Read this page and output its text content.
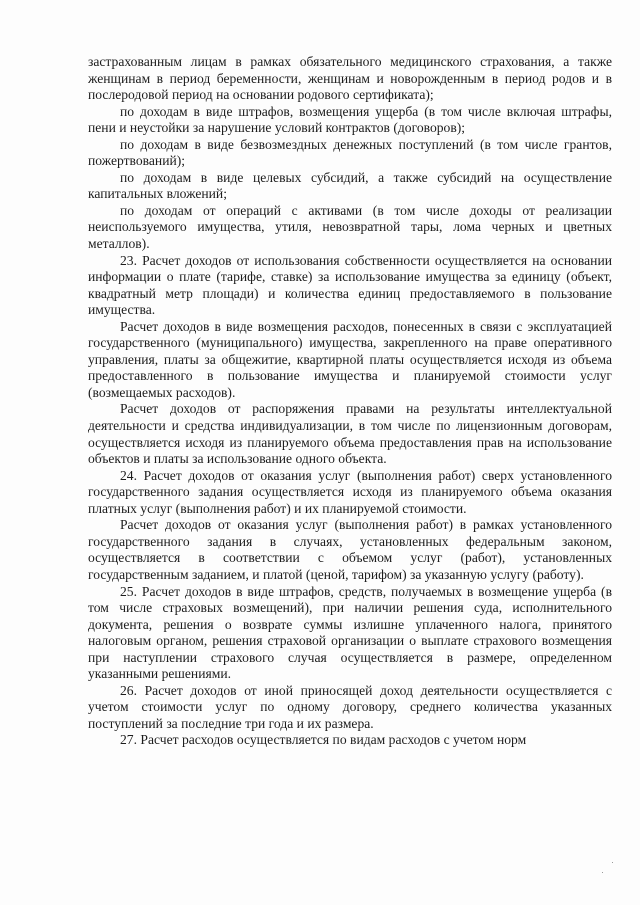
застрахованным лицам в рамках обязательного медицинского страхования, а также женщинам в период беременности, женщинам и новорожденным в период родов и в послеродовой период на основании родового сертификата);

по доходам в виде штрафов, возмещения ущерба (в том числе включая штрафы, пени и неустойки за нарушение условий контрактов (договоров);

по доходам в виде безвозмездных денежных поступлений (в том числе грантов, пожертвований);

по доходам в виде целевых субсидий, а также субсидий на осуществление капитальных вложений;

по доходам от операций с активами (в том числе доходы от реализации неиспользуемого имущества, утиля, невозвратной тары, лома черных и цветных металлов).

23. Расчет доходов от использования собственности осуществляется на основании информации о плате (тарифе, ставке) за использование имущества за единицу (объект, квадратный метр площади) и количества единиц предоставляемого в пользование имущества.

Расчет доходов в виде возмещения расходов, понесенных в связи с эксплуатацией государственного (муниципального) имущества, закрепленного на праве оперативного управления, платы за общежитие, квартирной платы осуществляется исходя из объема предоставленного в пользование имущества и планируемой стоимости услуг (возмещаемых расходов).

Расчет доходов от распоряжения правами на результаты интеллектуальной деятельности и средства индивидуализации, в том числе по лицензионным договорам, осуществляется исходя из планируемого объема предоставления прав на использование объектов и платы за использование одного объекта.

24. Расчет доходов от оказания услуг (выполнения работ) сверх установленного государственного задания осуществляется исходя из планируемого объема оказания платных услуг (выполнения работ) и их планируемой стоимости.

Расчет доходов от оказания услуг (выполнения работ) в рамках установленного государственного задания в случаях, установленных федеральным законом, осуществляется в соответствии с объемом услуг (работ), установленных государственным заданием, и платой (ценой, тарифом) за указанную услугу (работу).

25. Расчет доходов в виде штрафов, средств, получаемых в возмещение ущерба (в том числе страховых возмещений), при наличии решения суда, исполнительного документа, решения о возврате суммы излишне уплаченного налога, принятого налоговым органом, решения страховой организации о выплате страхового возмещения при наступлении страхового случая осуществляется в размере, определенном указанными решениями.

26. Расчет доходов от иной приносящей доход деятельности осуществляется с учетом стоимости услуг по одному договору, среднего количества указанных поступлений за последние три года и их размера.

27. Расчет расходов осуществляется по видам расходов с учетом норм
